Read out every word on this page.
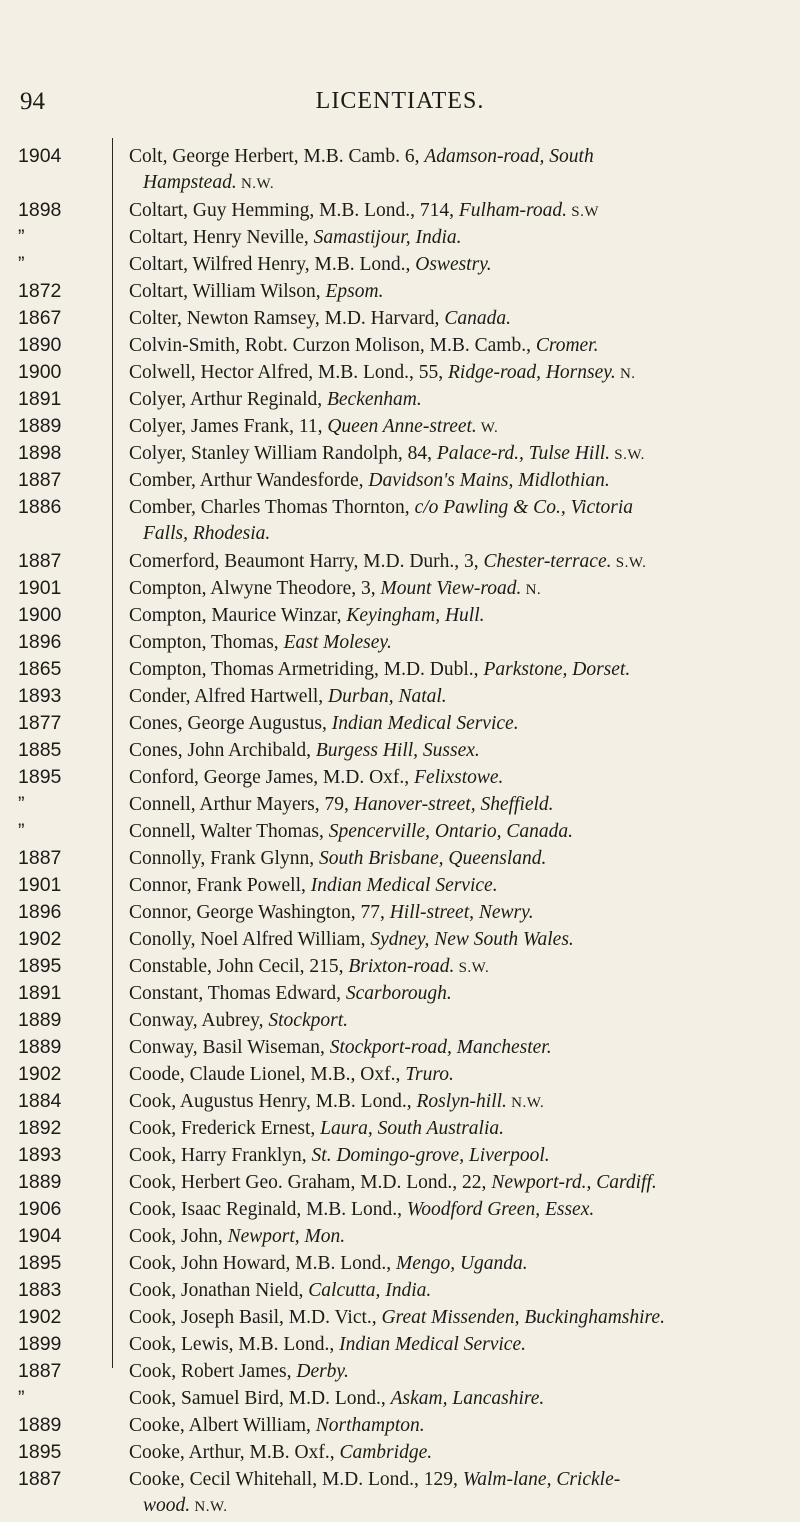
94	LICENTIATES.
1904	Colt, George Herbert, M.B. Camb. 6, Adamson-road, South
Hampstead. N.W.
1898	Coltart, Guy Hemming, M.B. Lond., 714, Fulham-road. S.W
”	Coltart, Henry Neville, Samastijour, India.
”	Coltart, Wilfred Henry, M.B. Lond., Oswestry.
1872	Coltart, William Wilson, Epsom.
1867	Colter, Newton Ramsey, M.D. Harvard, Canada.
1890	Colvin-Smith, Robt. Curzon Molison, M.B. Camb., Cromer.
1900	Colwell, Hector Alfred, M.B. Lond., 55, Ridge-road, Hornsey. N.
1891	Colyer, Arthur Reginald, Beckenham.
1889	Colyer, James Frank, 11, Queen Anne-street. W.
1898	Colyer, Stanley William Randolph, 84, Palace-rd., Tulse Hill. S.W.
1887	Comber, Arthur Wandesforde, Davidson's Mains, Midlothian.
1886	Comber, Charles Thomas Thornton, c/o Pawling & Co., Victoria
Falls, Rhodesia.
1887	Comerford, Beaumont Harry, M.D. Durh., 3, Chester-terrace. S.W.
1901	Compton, Alwyne Theodore, 3, Mount View-road. N.
1900	Compton, Maurice Winzar, Keyingham, Hull.
1896	Compton, Thomas, East Molesey.
1865	Compton, Thomas Armetriding, M.D. Dubl., Parkstone, Dorset.
1893	Conder, Alfred Hartwell, Durban, Natal.
1877	Cones, George Augustus, Indian Medical Service.
1885	Cones, John Archibald, Burgess Hill, Sussex.
1895	Conford, George James, M.D. Oxf., Felixstowe.
”	Connell, Arthur Mayers, 79, Hanover-street, Sheffield.
”	Connell, Walter Thomas, Spencerville, Ontario, Canada.
1887	Connolly, Frank Glynn, South Brisbane, Queensland.
1901	Connor, Frank Powell, Indian Medical Service.
1896	Connor, George Washington, 77, Hill-street, Newry.
1902	Conolly, Noel Alfred William, Sydney, New South Wales.
1895	Constable, John Cecil, 215, Brixton-road. S.W.
1891	Constant, Thomas Edward, Scarborough.
1889	Conway, Aubrey, Stockport.
1889	Conway, Basil Wiseman, Stockport-road, Manchester.
1902	Coode, Claude Lionel, M.B., Oxf., Truro.
1884	Cook, Augustus Henry, M.B. Lond., Roslyn-hill. N.W.
1892	Cook, Frederick Ernest, Laura, South Australia.
1893	Cook, Harry Franklyn, St. Domingo-grove, Liverpool.
1889	Cook, Herbert Geo. Graham, M.D. Lond., 22, Newport-rd., Cardiff.
1906	Cook, Isaac Reginald, M.B. Lond., Woodford Green, Essex.
1904	Cook, John, Newport, Mon.
1895	Cook, John Howard, M.B. Lond., Mengo, Uganda.
1883	Cook, Jonathan Nield, Calcutta, India.
1902	Cook, Joseph Basil, M.D. Vict., Great Missenden, Buckinghamshire.
1899	Cook, Lewis, M.B. Lond., Indian Medical Service.
1887	Cook, Robert James, Derby.
”	Cook, Samuel Bird, M.D. Lond., Askam, Lancashire.
1889	Cooke, Albert William, Northampton.
1895	Cooke, Arthur, M.B. Oxf., Cambridge.
1887	Cooke, Cecil Whitehall, M.D. Lond., 129, Walm-lane, Crickle-
wood. N.W.
